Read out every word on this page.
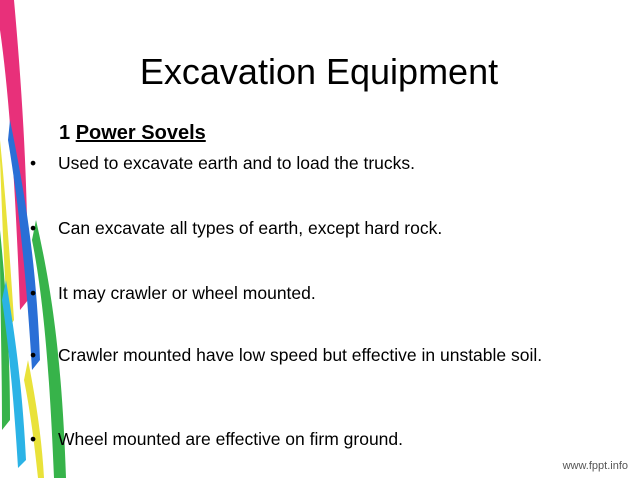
Excavation Equipment
1 Power Sovels
•	Used to excavate earth and to load the trucks.
•	Can excavate all types of earth, except hard rock.
•	It may crawler or wheel mounted.
•	Crawler mounted have low speed but effective in unstable soil.
•	Wheel mounted are effective on firm ground.
www.fppt.info
